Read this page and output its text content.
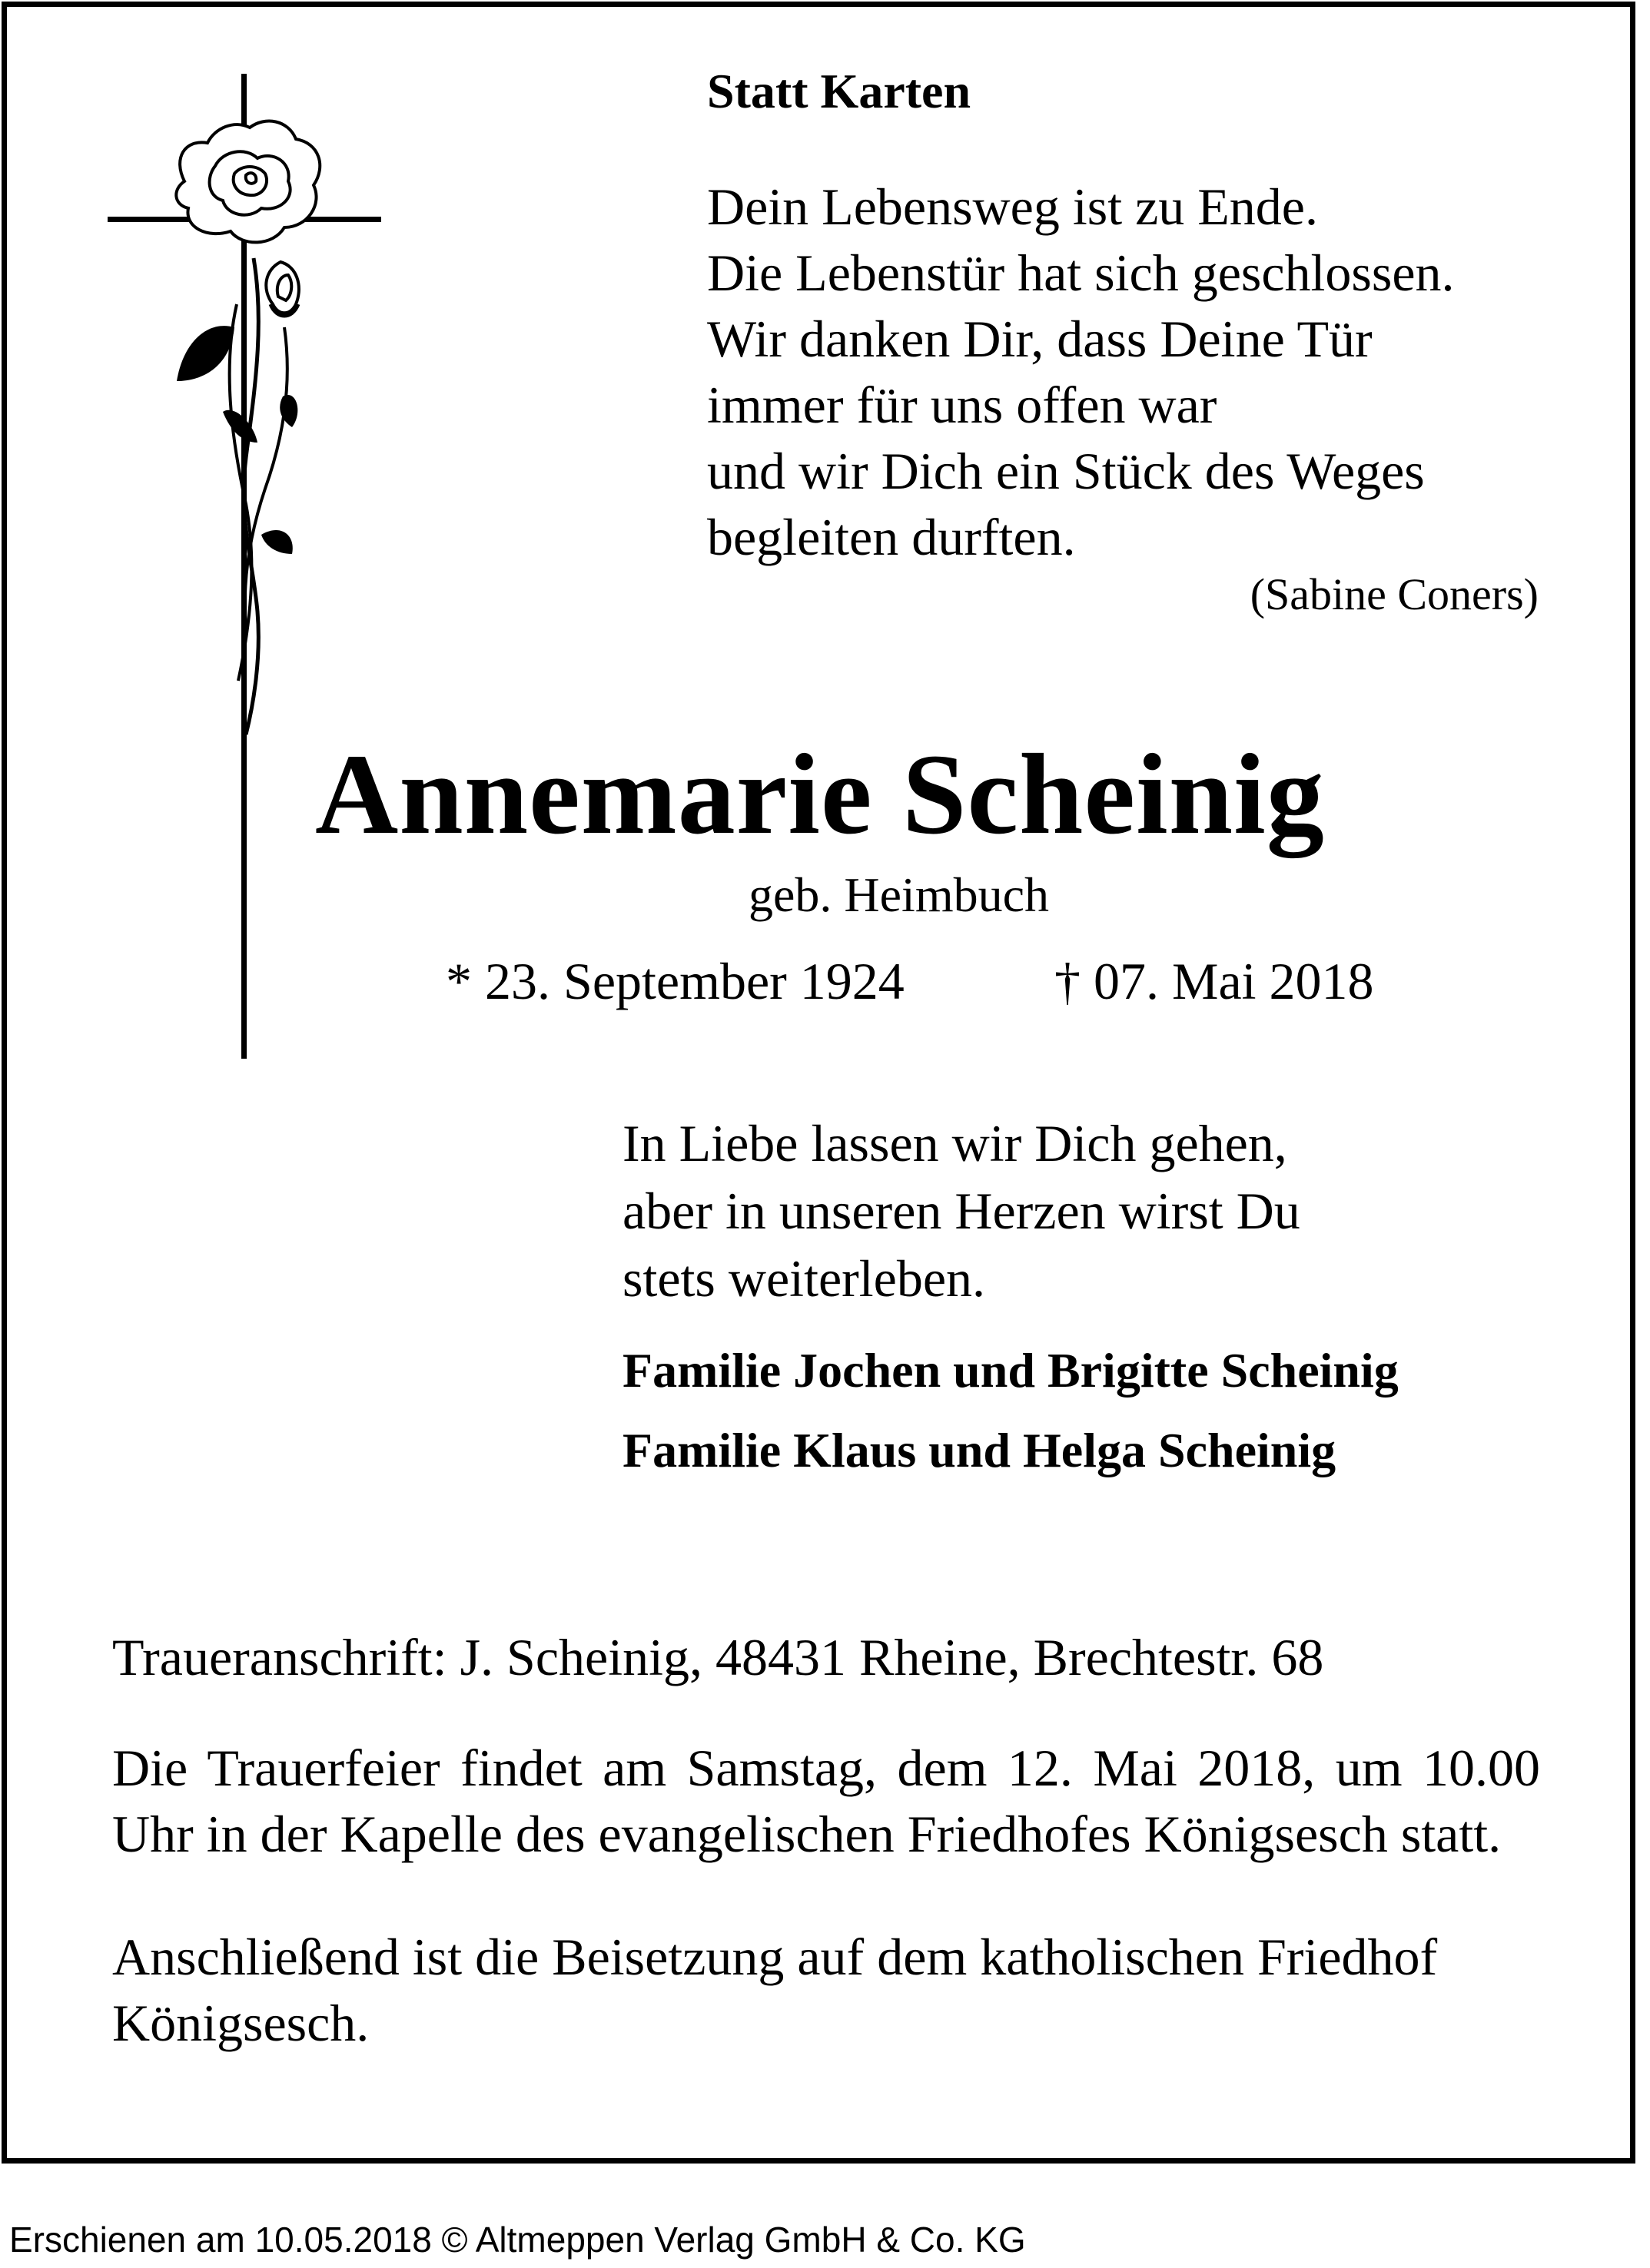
Statt Karten
Dein Lebensweg ist zu Ende.
Die Lebenstür hat sich geschlossen.
Wir danken Dir, dass Deine Tür
immer für uns offen war
und wir Dich ein Stück des Weges
begleiten durften.
(Sabine Coners)
Annemarie Scheinig
geb. Heimbuch
* 23. September 1924	† 07. Mai 2018
In Liebe lassen wir Dich gehen,
aber in unseren Herzen wirst Du
stets weiterleben.
Familie Jochen und Brigitte Scheinig
Familie Klaus und Helga Scheinig
Traueranschrift: J. Scheinig, 48431 Rheine, Brechtestr. 68
Die Trauerfeier findet am Samstag, dem 12. Mai 2018, um 10.00 Uhr in der Kapelle des evangelischen Friedhofes Königsesch statt.
Anschließend ist die Beisetzung auf dem katholischen Friedhof Königsesch.
Erschienen am 10.05.2018 © Altmeppen Verlag GmbH & Co. KG
